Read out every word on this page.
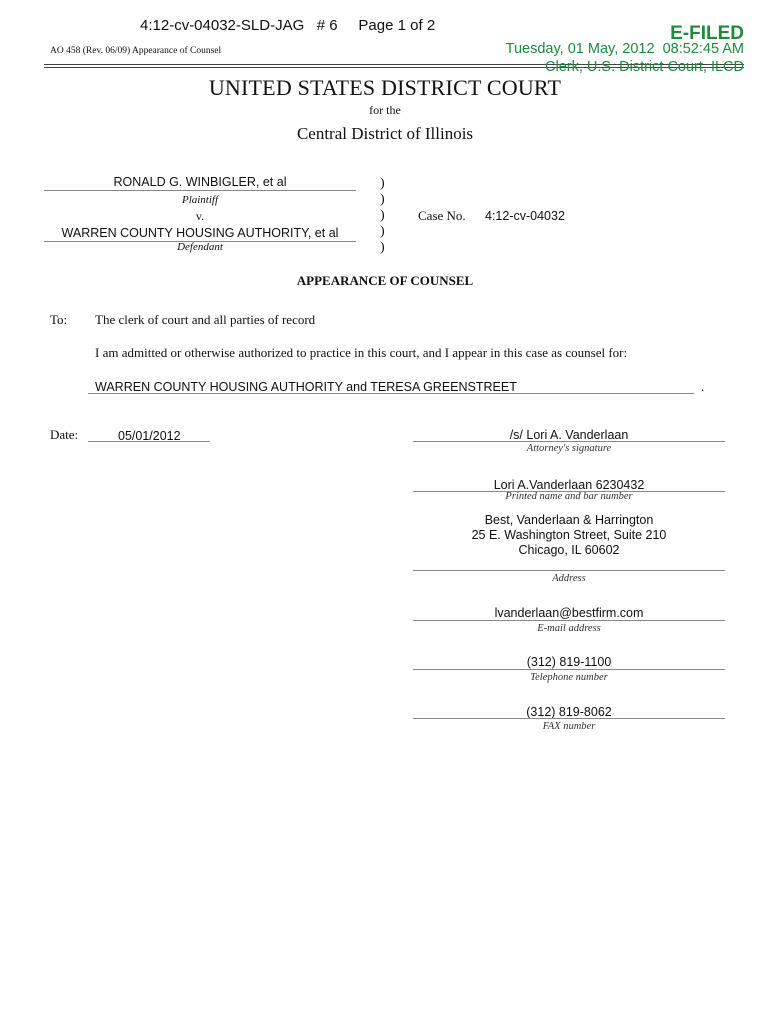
4:12-cv-04032-SLD-JAG   # 6     Page 1 of 2
AO 458 (Rev. 06/09) Appearance of Counsel
E-FILED
Tuesday, 01 May, 2012  08:52:45 AM
Clerk, U.S. District Court, ILCD
UNITED STATES DISTRICT COURT
for the
Central District of Illinois
RONALD G. WINBIGLER, et al
Plaintiff
v.
WARREN COUNTY HOUSING AUTHORITY, et al
Defendant
)
)
)
)
)
Case No. 4:12-cv-04032
APPEARANCE OF COUNSEL
To: The clerk of court and all parties of record
I am admitted or otherwise authorized to practice in this court, and I appear in this case as counsel for:
WARREN COUNTY HOUSING AUTHORITY and TERESA GREENSTREET	.
Date:	05/01/2012	/s/ Lori A. Vanderlaan
Attorney's signature
Lori A.Vanderlaan 6230432
Printed name and bar number
Best, Vanderlaan & Harrington
25 E. Washington Street, Suite 210
Chicago, IL 60602
Address
lvanderlaan@bestfirm.com
E-mail address
(312) 819-1100
Telephone number
(312) 819-8062
FAX number
